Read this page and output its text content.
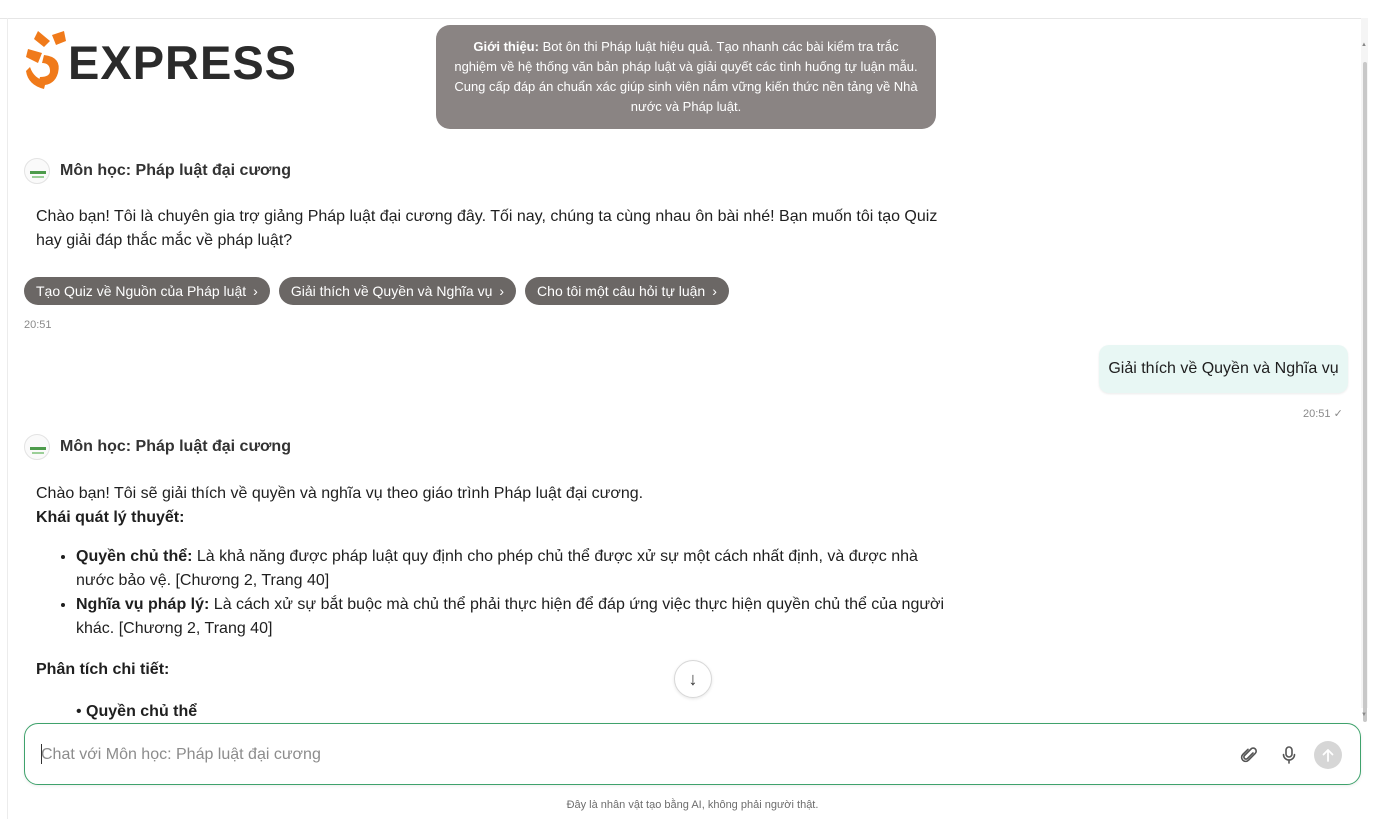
▲
▼
EXPRESS	Giới thiệu: Bot ôn thi Pháp luật hiệu quả. Tạo nhanh các bài kiểm tra trắc nghiệm về hệ thống văn bản pháp luật và giải quyết các tình huống tự luận mẫu. Cung cấp đáp án chuẩn xác giúp sinh viên nắm vững kiến thức nền tảng về Nhà nước và Pháp luật.
Môn học: Pháp luật đại cương
Chào bạn! Tôi là chuyên gia trợ giảng Pháp luật đại cương đây. Tối nay, chúng ta cùng nhau ôn bài nhé! Bạn muốn tôi tạo Quiz hay giải đáp thắc mắc về pháp luật?
Tạo Quiz về Nguồn của Pháp luật › Giải thích về Quyền và Nghĩa vụ › Cho tôi một câu hỏi tự luận ›
20:51
Giải thích về Quyền và Nghĩa vụ
20:51 ✓
Môn học: Pháp luật đại cương
Chào bạn! Tôi sẽ giải thích về quyền và nghĩa vụ theo giáo trình Pháp luật đại cương.
Khái quát lý thuyết:
• Quyền chủ thể: Là khả năng được pháp luật quy định cho phép chủ thể được xử sự một cách nhất định, và được nhà nước bảo vệ. [Chương 2, Trang 40]
• Nghĩa vụ pháp lý: Là cách xử sự bắt buộc mà chủ thể phải thực hiện để đáp ứng việc thực hiện quyền chủ thể của người khác. [Chương 2, Trang 40]
Phân tích chi tiết:
• Quyền chủ thể
↓
Chat với Môn học: Pháp luật đại cương
Đây là nhân vật tạo bằng AI, không phải người thật.
